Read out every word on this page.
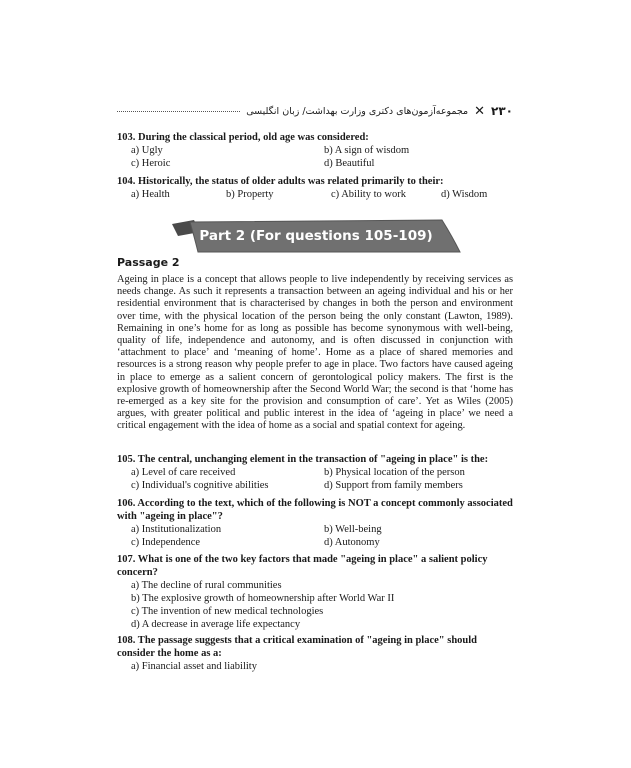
۲۳۰
✕
مجموعه‌آزمون‌های دکتری وزارت بهداشت/ زبان انگلیسی
103. During the classical period, old age was considered:
a) Ugly	b) A sign of wisdom
c) Heroic	d) Beautiful
104. Historically, the status of older adults was related primarily to their:
a) Health	b) Property	c) Ability to work	d) Wisdom
Part 2 (For questions 105-109)
Passage 2
Ageing in place is a concept that allows people to live independently by receiving services as needs change. As such it represents a transaction between an ageing individual and his or her residential environment that is characterised by changes in both the person and environment over time, with the physical location of the person being the only constant (Lawton, 1989). Remaining in one’s home for as long as possible has become synonymous with well-being, quality of life, independence and autonomy, and is often discussed in conjunction with ‘attachment to place’ and ‘meaning of home’. Home as a place of shared memories and resources is a strong reason why people prefer to age in place. Two factors have caused ageing in place to emerge as a salient concern of gerontological policy makers. The first is the explosive growth of homeownership after the Second World War; the second is that ‘home has re-emerged as a key site for the provision and consumption of care’. Yet as Wiles (2005) argues, with greater political and public interest in the idea of ‘ageing in place’ we need a critical engagement with the idea of home as a social and spatial context for ageing.
105. The central, unchanging element in the transaction of "ageing in place" is the:
a) Level of care received	b) Physical location of the person
c) Individual's cognitive abilities	d) Support from family members
106. According to the text, which of the following is NOT a concept commonly associated with "ageing in place"?
a) Institutionalization	b) Well-being
c) Independence	d) Autonomy
107. What is one of the two key factors that made "ageing in place" a salient policy concern?
a) The decline of rural communities
b) The explosive growth of homeownership after World War II
c) The invention of new medical technologies
d) A decrease in average life expectancy
108. The passage suggests that a critical examination of "ageing in place" should consider the home as a:
a) Financial asset and liability
